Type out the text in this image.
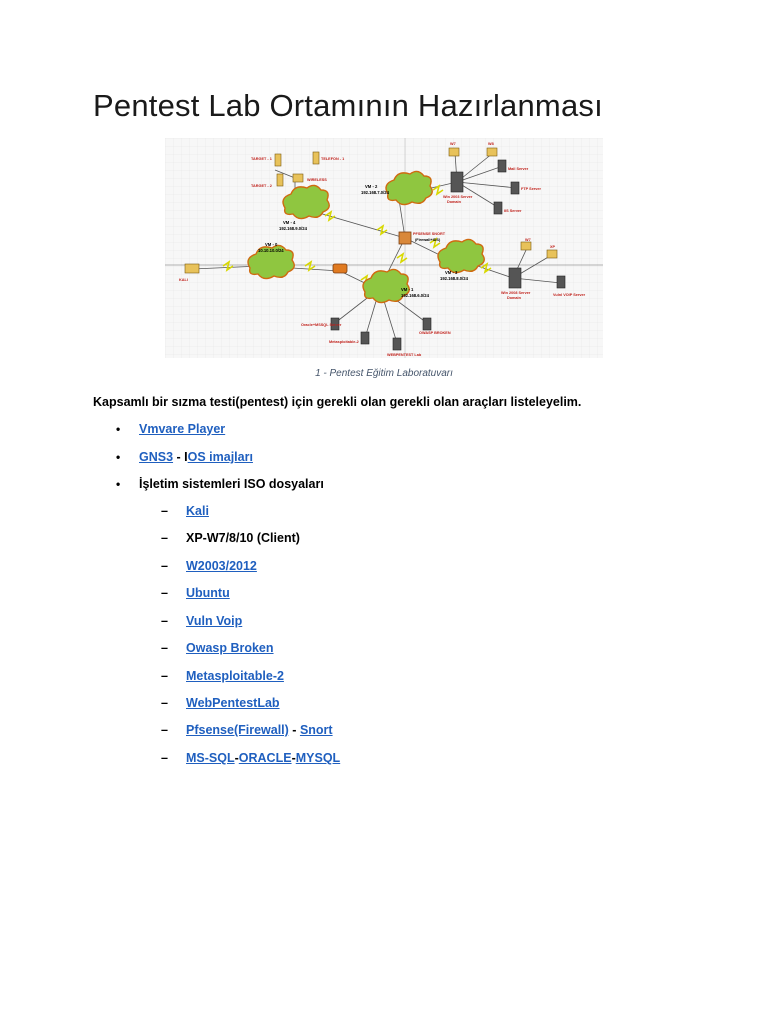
Pentest Lab Ortamının Hazırlanması
VM - 2
192.168.7.0/24
VM - 4
192.168.9.0/24
VM - 0
10.10.10.0/24
VM - 1
192.168.6.0/24
VM - 3
192.168.8.0/24
PFSENSE SNORT
(Firewall+IDS)
KALI
TARGET - 1
TARGET - 2
TELEFON - 1
WIRELESS
W7	W8
Win 2003 Server
Domain
Mail Server
FTP Server
IIS Server
W7
XP
Win 2008 Server
Domain
Vulnl VOIP Server
Oracle+MSSQL Server
Metasploitable-2
WEBPENTEST Lab
OWASP BROKEN
1 - Pentest Eğitim Laboratuvarı

Kapsamlı bir sızma testi(pentest) için gerekli olan gerekli olan araçları listeleyelim.

• Vmvare Player
• GNS3 - IOS imajları
• İşletim sistemleri ISO dosyaları
– Kali
– XP-W7/8/10 (Client)
– W2003/2012
– Ubuntu
– Vuln Voip
– Owasp Broken
– Metasploitable-2
– WebPentestLab
– Pfsense(Firewall) - Snort
– MS-SQL-ORACLE-MYSQL
